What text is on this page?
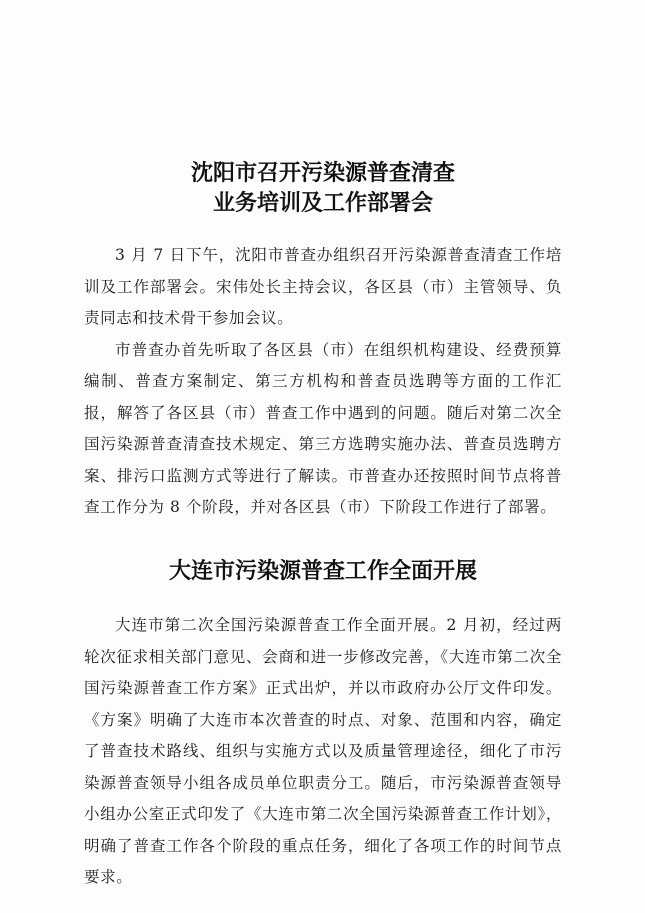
沈阳市召开污染源普查清查
业务培训及工作部署会

3 月 7 日下午，沈阳市普查办组织召开污染源普查清查工作培训及工作部署会。宋伟处长主持会议，各区县（市）主管领导、负责同志和技术骨干参加会议。

市普查办首先听取了各区县（市）在组织机构建设、经费预算编制、普查方案制定、第三方机构和普查员选聘等方面的工作汇报，解答了各区县（市）普查工作中遇到的问题。随后对第二次全国污染源普查清查技术规定、第三方选聘实施办法、普查员选聘方案、排污口监测方式等进行了解读。市普查办还按照时间节点将普查工作分为 8 个阶段，并对各区县（市）下阶段工作进行了部署。

大连市污染源普查工作全面开展

大连市第二次全国污染源普查工作全面开展。2 月初，经过两轮次征求相关部门意见、会商和进一步修改完善，《大连市第二次全国污染源普查工作方案》正式出炉，并以市政府办公厅文件印发。《方案》明确了大连市本次普查的时点、对象、范围和内容，确定了普查技术路线、组织与实施方式以及质量管理途径，细化了市污染源普查领导小组各成员单位职责分工。随后，市污染源普查领导小组办公室正式印发了《大连市第二次全国污染源普查工作计划》，明确了普查工作各个阶段的重点任务，细化了各项工作的时间节点要求。
